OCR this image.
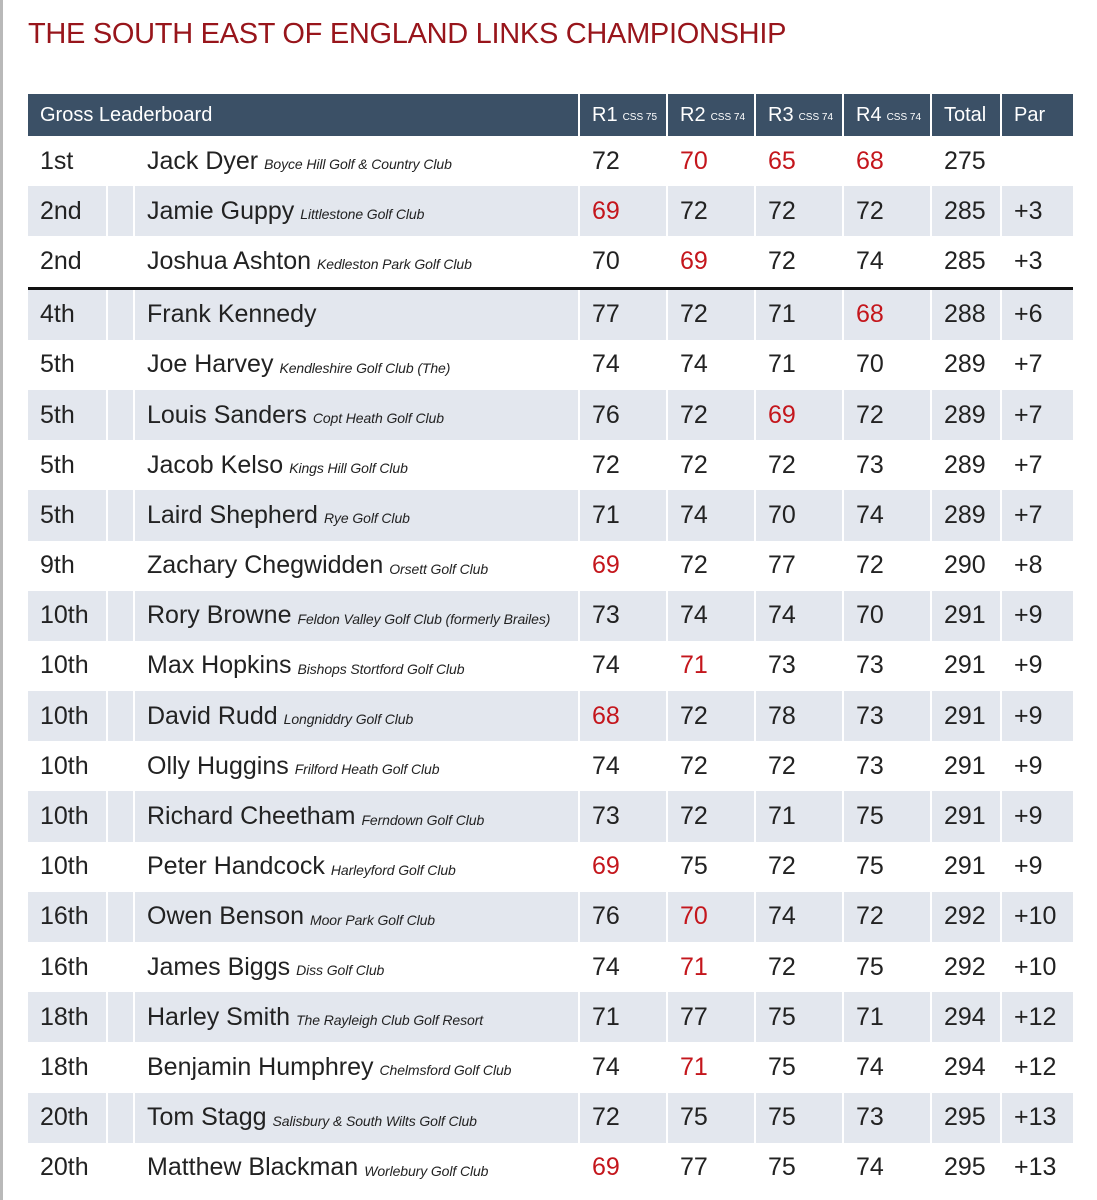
THE SOUTH EAST OF ENGLAND LINKS CHAMPIONSHIP
Gross Leaderboard	R1 CSS 75 R2 CSS 74 R3 CSS 74 R4 CSS 74	Total	Par
1st	Jack Dyer Boyce Hill Golf & Country Club	72	70	65	68	275
2nd	Jamie Guppy Littlestone Golf Club	69	72	72	72	285	+3
2nd	Joshua Ashton Kedleston Park Golf Club	70	69	72	74	285	+3
4th	Frank Kennedy	77	72	71	68	288	+6
5th	Joe Harvey Kendleshire Golf Club (The)	74	74	71	70	289	+7
5th	Louis Sanders Copt Heath Golf Club	76	72	69	72	289	+7
5th	Jacob Kelso Kings Hill Golf Club	72	72	72	73	289	+7
5th	Laird Shepherd Rye Golf Club	71	74	70	74	289	+7
9th	Zachary Chegwidden Orsett Golf Club	69	72	77	72	290	+8
10th	Rory Browne Feldon Valley Golf Club (formerly Brailes)	73	74	74	70	291	+9
10th	Max Hopkins Bishops Stortford Golf Club	74	71	73	73	291	+9
10th	David Rudd Longniddry Golf Club	68	72	78	73	291	+9
10th	Olly Huggins Frilford Heath Golf Club	74	72	72	73	291	+9
10th	Richard Cheetham Ferndown Golf Club	73	72	71	75	291	+9
10th	Peter Handcock Harleyford Golf Club	69	75	72	75	291	+9
16th	Owen Benson Moor Park Golf Club	76	70	74	72	292	+10
16th	James Biggs Diss Golf Club	74	71	72	75	292	+10
18th	Harley Smith The Rayleigh Club Golf Resort	71	77	75	71	294	+12
18th	Benjamin Humphrey Chelmsford Golf Club	74	71	75	74	294	+12
20th	Tom Stagg Salisbury & South Wilts Golf Club	72	75	75	73	295	+13
20th	Matthew Blackman Worlebury Golf Club	69	77	75	74	295	+13
